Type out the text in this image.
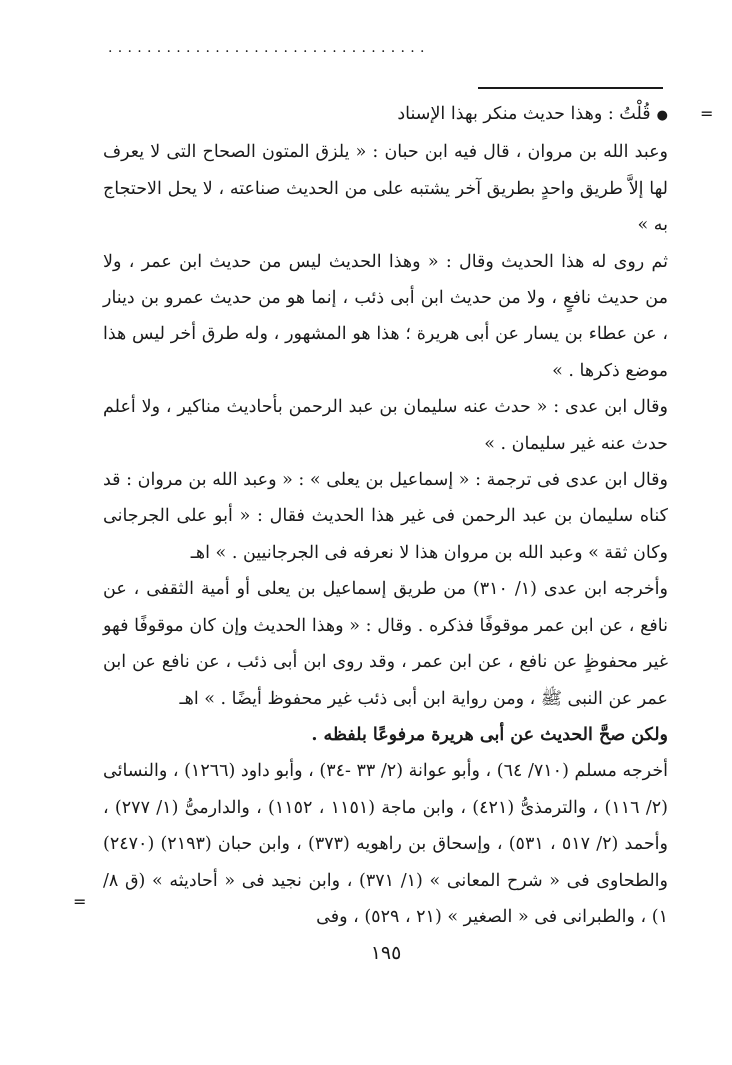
.................................
=
=

●قُلْتُ : وهذا حديث منكر بهذا الإسناد

وعبد الله بن مروان ، قال فيه ابن حبان : « يلزق المتون الصحاح التى لا يعرف لها إلاَّ طريق واحدٍ بطريق آخر يشتبه على من الحديث صناعته ، لا يحل الاحتجاج به »

ثم روى له هذا الحديث وقال : « وهذا الحديث ليس من حديث ابن عمر ، ولا من حديث نافعٍ ، ولا من حديث ابن أبى ذئب ، إنما هو من حديث عمرو بن دينار ، عن عطاء بن يسار عن أبى هريرة ؛ هذا هو المشهور ، وله طرق أخر ليس هذا موضع ذكرها . »

وقال ابن عدى : « حدث عنه سليمان بن عبد الرحمن بأحاديث مناكير ، ولا أعلم حدث عنه غير سليمان . »

وقال ابن عدى فى ترجمة : « إسماعيل بن يعلى » : « وعبد الله بن مروان : قد كناه سليمان بن عبد الرحمن فى غير هذا الحديث فقال : « أبو على الجرجانى وكان ثقة » وعبد الله بن مروان هذا لا نعرفه فى الجرجانيين . » اهـ

وأخرجه ابن عدى (١/ ٣١٠) من طريق إسماعيل بن يعلى أو أمية الثقفى ، عن نافع ، عن ابن عمر موقوفًا فذكره . وقال : « وهذا الحديث وإن كان موقوفًا فهو غير محفوظٍ عن نافع ، عن ابن عمر ، وقد روى ابن أبى ذئب ، عن نافع عن ابن عمر عن النبى ﷺ ، ومن رواية ابن أبى ذئب غير محفوظ أيضًا . » اهـ

ولكن صحَّ الحديث عن أبى هريرة مرفوعًا بلفظه .

أخرجه مسلم (٧١٠/ ٦٤) ، وأبو عوانة (٢/ ٣٣ -٣٤) ، وأبو داود (١٢٦٦) ، والنسائى (٢/ ١١٦) ، والترمذىُّ (٤٢١) ، وابن ماجة (١١٥١ ، ١١٥٢) ، والدارمىُّ (١/ ٢٧٧) ، وأحمد (٢/ ٥١٧ ، ٥٣١) ، وإسحاق بن راهويه (٣٧٣) ، وابن حبان (٢١٩٣) (٢٤٧٠) والطحاوى فى « شرح المعانى » (١/ ٣٧١) ، وابن نجيد فى « أحاديثه » (ق ٨/ ١) ، والطبرانى فى « الصغير » (٢١ ، ٥٢٩) ، وفى

١٩٥
